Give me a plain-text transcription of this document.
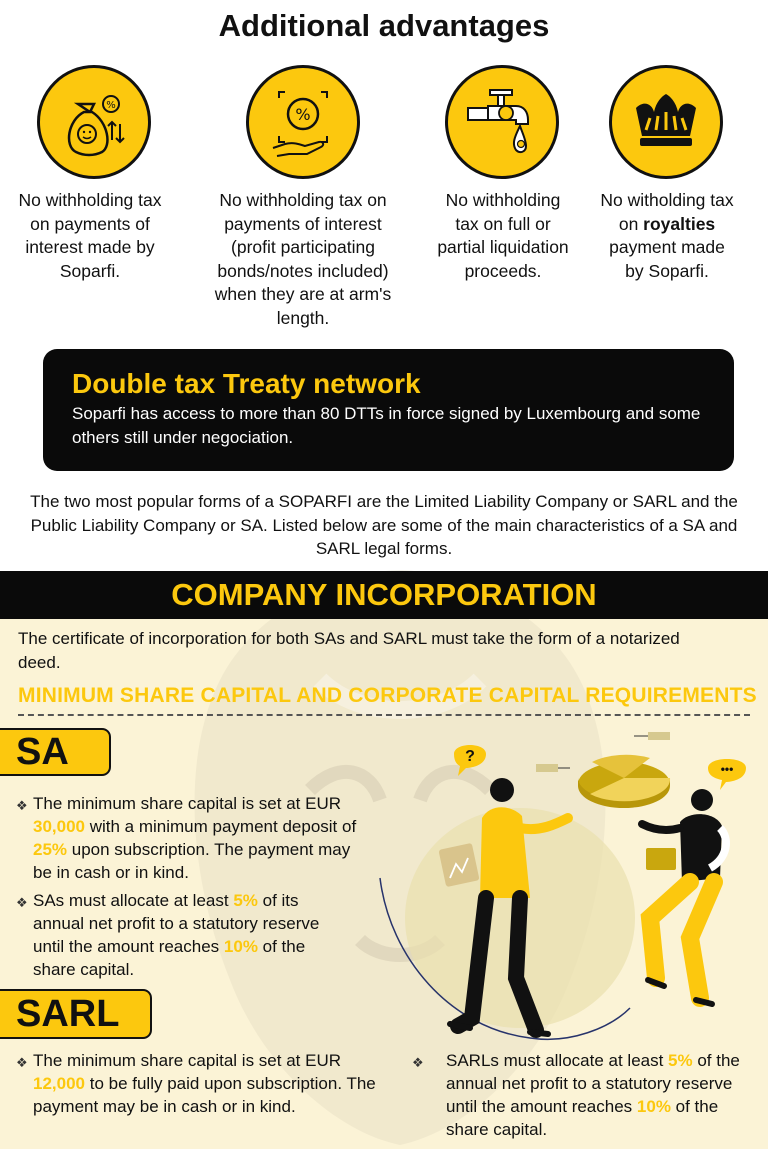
Additional advantages
%
No withholding tax
on payments of
interest made by
Soparfi.
%
No withholding tax on
payments of interest
(profit participating
bonds/notes included)
when they are at arm's
length.
No withholding
tax on full or
partial liquidation
proceeds.
No witholding tax
on royalties
payment made
by Soparfi.
Double tax Treaty network

Soparfi has access to more than 80 DTTs in force signed by Luxembourg and some others still under negociation.

The two most popular forms of a SOPARFI are the Limited Liability Company or SARL and the Public Liability Company or SA. Listed below are some of the main characteristics of a SA and SARL legal forms.
COMPANY INCORPORATION
The certificate of incorporation for both SAs and SARL must take the form of a notarized deed.
MINIMUM SHARE CAPITAL AND CORPORATE CAPITAL REQUIREMENTS
SA
❖ The minimum share capital is set at EUR
30,000 with a minimum payment deposit of 25% upon subscription. The payment may be in cash or in kind.
❖ SAs must allocate at least 5% of its annual net profit to a statutory reserve until the amount reaches 10% of the share capital.
SARL
❖ The minimum share capital is set at EUR
12,000 to be fully paid upon subscription. The payment may be in cash or in kind.
❖ SARLs must allocate at least 5% of the annual net profit to a statutory reserve until the amount reaches 10% of the share capital.
?
•••
